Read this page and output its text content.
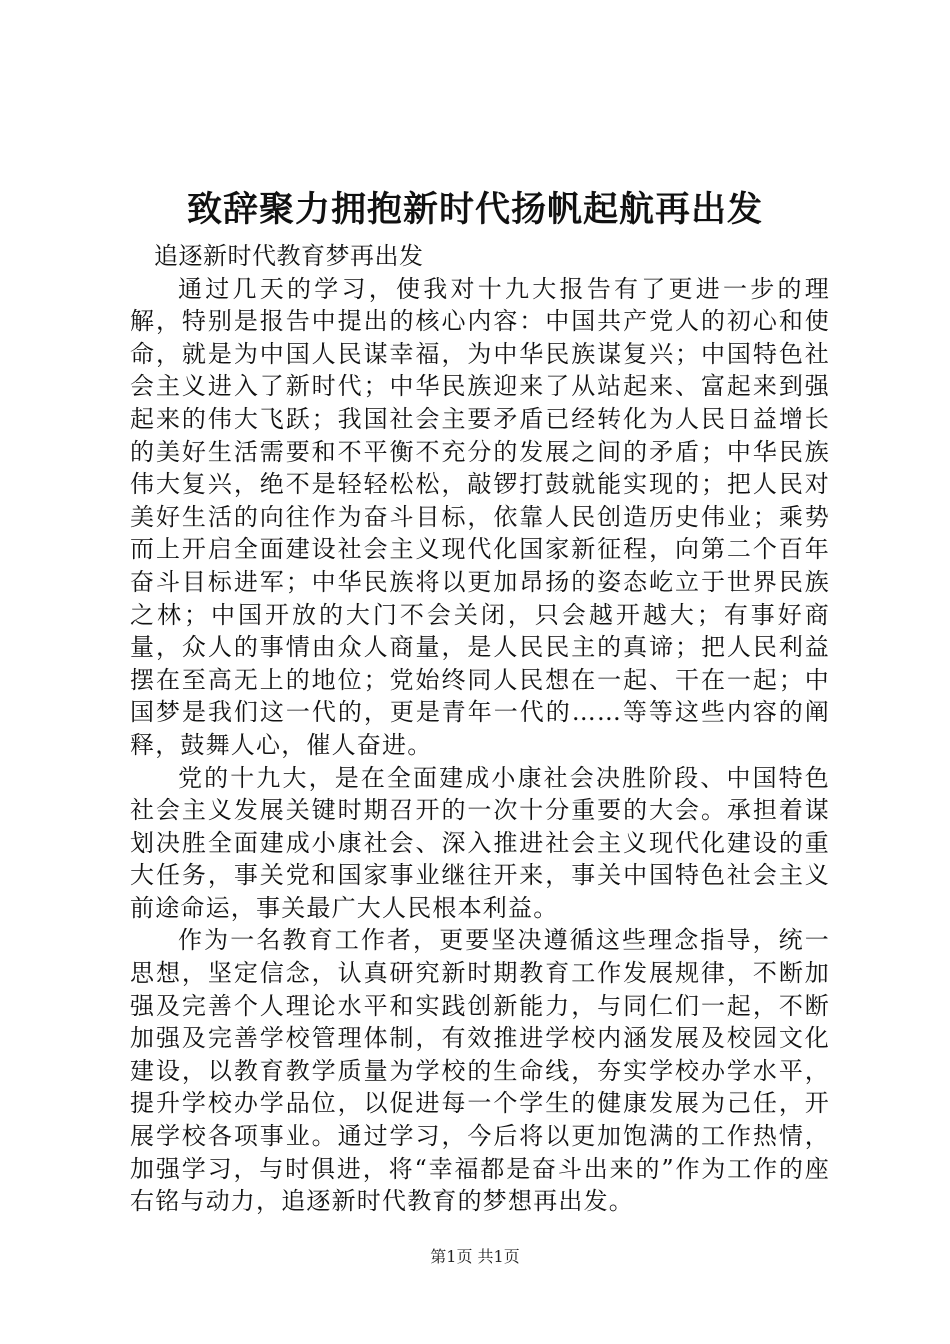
致辞聚力拥抱新时代扬帆起航再出发

追逐新时代教育梦再出发

通过几天的学习，使我对十九大报告有了更进一步的理解，特别是报告中提出的核心内容：中国共产党人的初心和使命，就是为中国人民谋幸福，为中华民族谋复兴；中国特色社会主义进入了新时代；中华民族迎来了从站起来、富起来到强起来的伟大飞跃；我国社会主要矛盾已经转化为人民日益增长的美好生活需要和不平衡不充分的发展之间的矛盾；中华民族伟大复兴，绝不是轻轻松松，敲锣打鼓就能实现的；把人民对美好生活的向往作为奋斗目标，依靠人民创造历史伟业；乘势而上开启全面建设社会主义现代化国家新征程，向第二个百年奋斗目标进军；中华民族将以更加昂扬的姿态屹立于世界民族之林；中国开放的大门不会关闭，只会越开越大；有事好商量，众人的事情由众人商量，是人民民主的真谛；把人民利益摆在至高无上的地位；党始终同人民想在一起、干在一起；中国梦是我们这一代的，更是青年一代的……等等这些内容的阐释，鼓舞人心，催人奋进。

党的十九大，是在全面建成小康社会决胜阶段、中国特色社会主义发展关键时期召开的一次十分重要的大会。承担着谋划决胜全面建成小康社会、深入推进社会主义现代化建设的重大任务，事关党和国家事业继往开来，事关中国特色社会主义前途命运，事关最广大人民根本利益。

作为一名教育工作者，更要坚决遵循这些理念指导，统一思想，坚定信念，认真研究新时期教育工作发展规律，不断加强及完善个人理论水平和实践创新能力，与同仁们一起，不断加强及完善学校管理体制，有效推进学校内涵发展及校园文化建设，以教育教学质量为学校的生命线，夯实学校办学水平，提升学校办学品位，以促进每一个学生的健康发展为己任，开展学校各项事业。通过学习，今后将以更加饱满的工作热情，加强学习，与时俱进，将“幸福都是奋斗出来的”作为工作的座右铭与动力，追逐新时代教育的梦想再出发。

第1页 共1页
